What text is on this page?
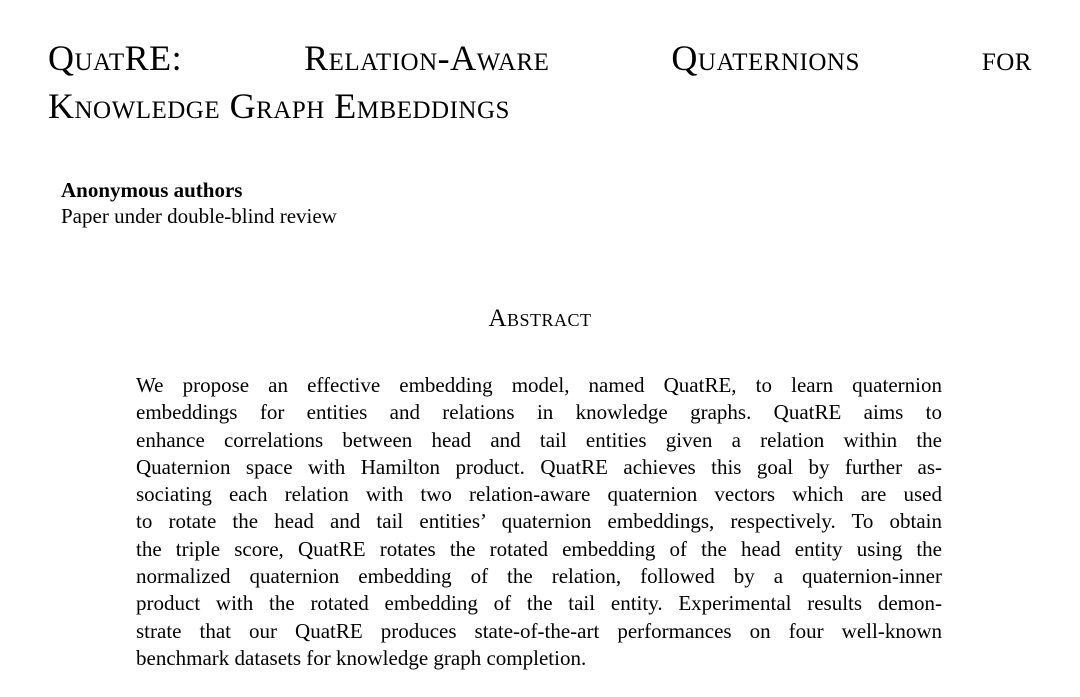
QuatRE:	Relation-Aware	Quaternions	for
Knowledge Graph Embeddings
Anonymous authors
Paper under double-blind review
Abstract
We propose an effective embedding model, named QuatRE, to learn quaternion
embeddings for entities and relations in knowledge graphs. QuatRE aims to
enhance correlations between head and tail entities given a relation within the
Quaternion space with Hamilton product. QuatRE achieves this goal by further as-
sociating each relation with two relation-aware quaternion vectors which are used
to rotate the head and tail entities’ quaternion embeddings, respectively. To obtain
the triple score, QuatRE rotates the rotated embedding of the head entity using the
normalized quaternion embedding of the relation, followed by a quaternion-inner
product with the rotated embedding of the tail entity. Experimental results demon-
strate that our QuatRE produces state-of-the-art performances on four well-known
benchmark datasets for knowledge graph completion.
